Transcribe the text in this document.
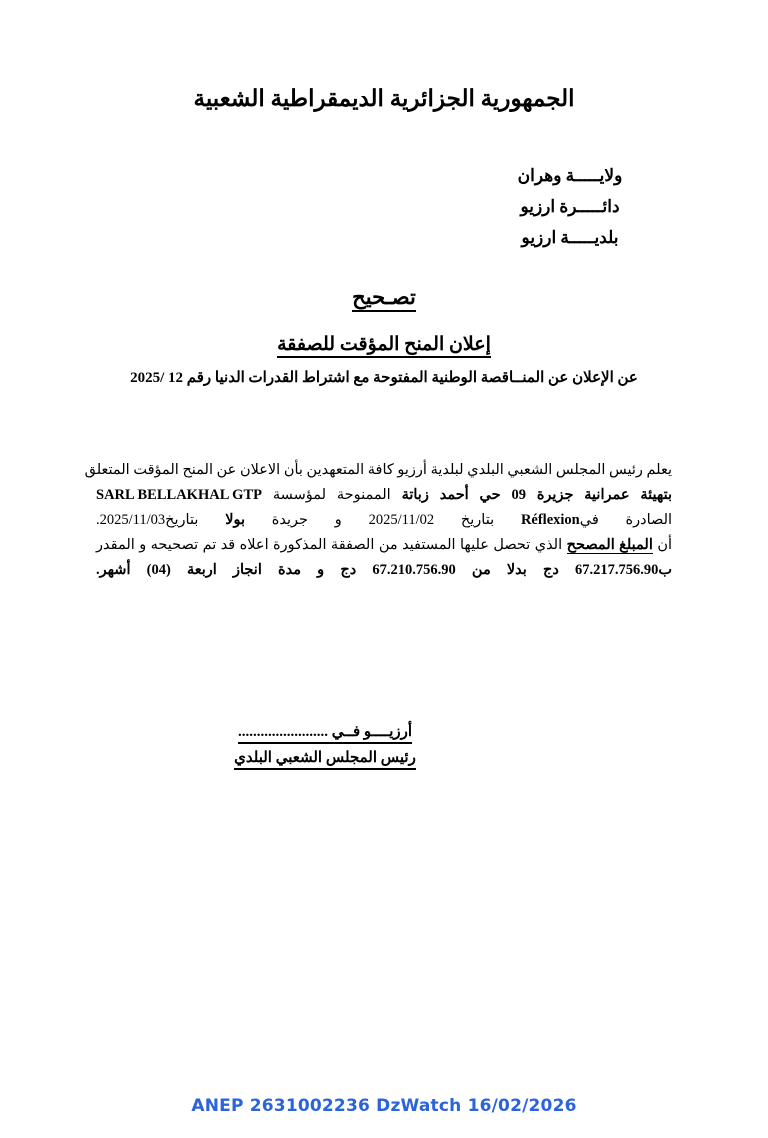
الجمهورية الجزائرية الديمقراطية الشعبية
ولايـــــة وهران
دائـــــرة ارزيو
بلديـــــة ارزيو
تصـحيح
إعلان المنح المؤقت للصفقة
عن الإعلان عن المنــاقصة الوطنية المفتوحة مع اشتراط القدرات الدنيا رقم 12 /2025
يعلم رئيس المجلس الشعبي البلدي لبلدية أرزيو كافة المتعهدين بأن الاعلان عن المنح المؤقت المتعلق
بتهيئة عمرانية جزيرة 09 حي أحمد زباتة الممنوحة لمؤسسة SARL BELLAKHAL GTP
الصادرة فيRéflexion بتاريخ 2025/11/02 و جريدة بولا بتاريخ2025/11/03.
أن المبلغ المصحح الذي تحصل عليها المستفيد من الصفقة المذكورة اعلاه قد تم تصحيحه و المقدر
ب67.217.756.90 دج بدلا من 67.210.756.90 دج و مدة انجاز اربعة (04) أشهر.
أرزيــــو فــي ........................
رئيس المجلس الشعبي البلدي
ANEP 2631002236 DzWatch 16/02/2026
